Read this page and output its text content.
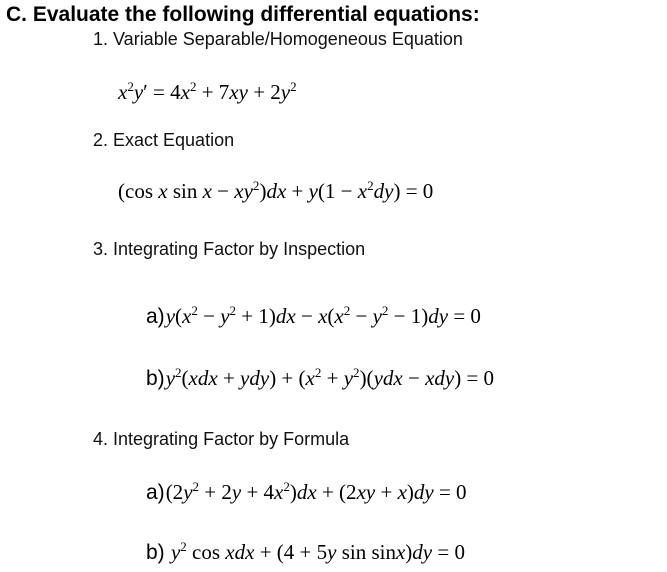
C. Evaluate the following differential equations:
1. Variable Separable/Homogeneous Equation
$x^2y' = 4x^2 + 7xy + 2y^2$
2. Exact Equation
(cos x $\sin x - xy^2)dx + y(1 - x^2dy) = 0$
3. Integrating Factor by Inspection
$a)y(x^2 - y^2 + 1)dx - x(x^2 - y^2 - 1)dy = 0$
$b)y^2(xdx + ydy) + (x^2 + y^2)(ydx - xdy) = 0$
4. Integrating Factor by Formula
$a)(2y^2 + 2y + 4x^2)dx + (2xy + x)dy = 0$
b) $y^2$ cos xdx + (4 + 5y sin sinx)dy = 0
